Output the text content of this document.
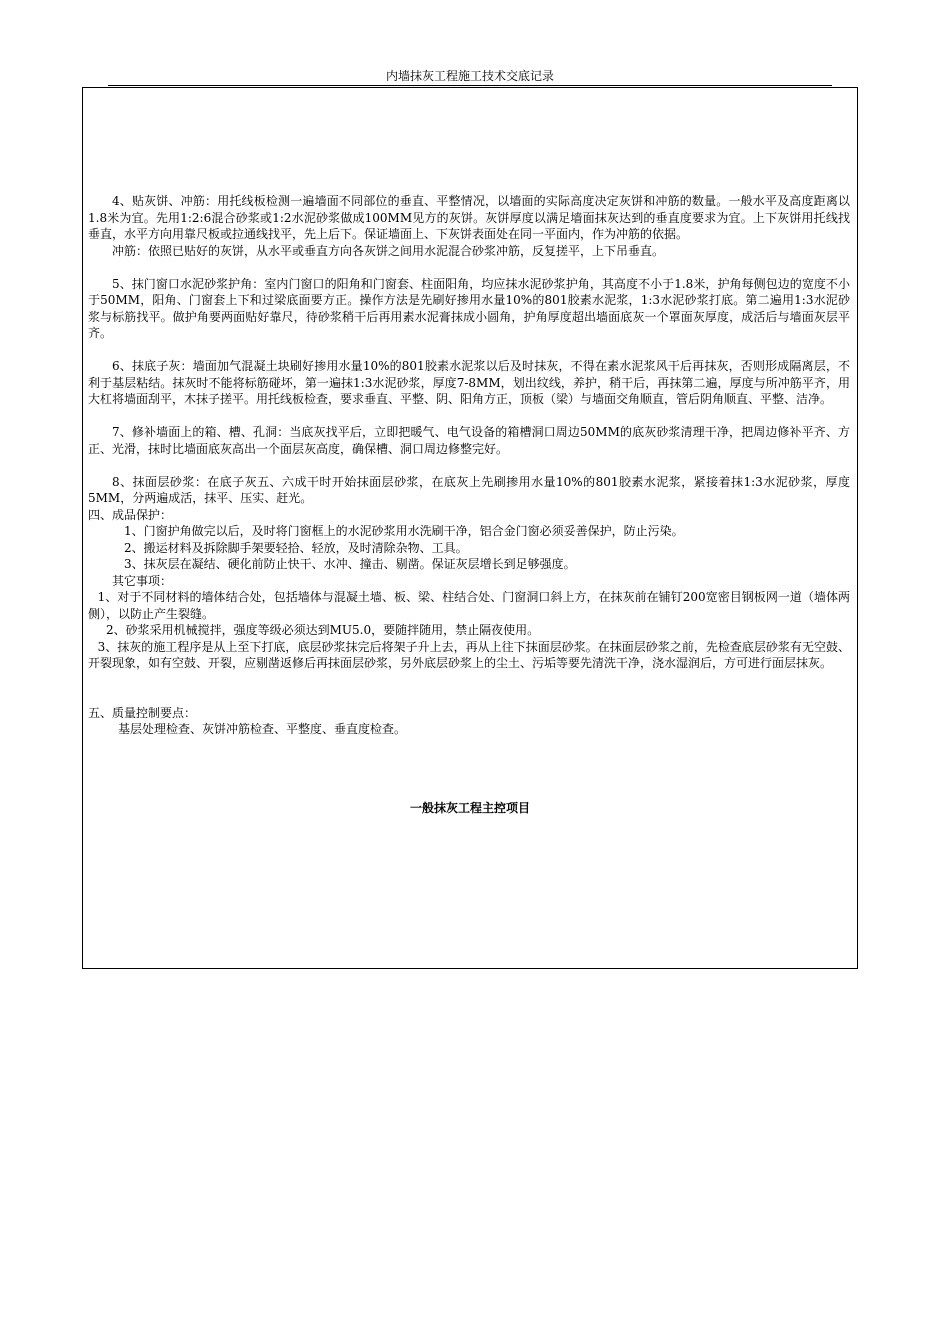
内墙抹灰工程施工技术交底记录

4、贴灰饼、冲筋：用托线板检测一遍墙面不同部位的垂直、平整情况，以墙面的实际高度决定灰饼和冲筋的数量。一般水平及高度距离以1.8米为宜。先用1:2:6混合砂浆或1:2水泥砂浆做成100MM见方的灰饼。灰饼厚度以满足墙面抹灰达到的垂直度要求为宜。上下灰饼用托线找垂直，水平方向用靠尺板或拉通线找平，先上后下。保证墙面上、下灰饼表面处在同一平面内，作为冲筋的依据。

冲筋：依照已贴好的灰饼，从水平或垂直方向各灰饼之间用水泥混合砂浆冲筋，反复搓平，上下吊垂直。

5、抹门窗口水泥砂浆护角：室内门窗口的阳角和门窗套、柱面阳角，均应抹水泥砂浆护角，其高度不小于1.8米，护角每侧包边的宽度不小于50MM，阳角、门窗套上下和过梁底面要方正。操作方法是先刷好掺用水量10%的801胶素水泥浆，1:3水泥砂浆打底。第二遍用1:3水泥砂浆与标筋找平。做护角要两面贴好靠尺，待砂浆稍干后再用素水泥膏抹成小圆角，护角厚度超出墙面底灰一个罩面灰厚度，成活后与墙面灰层平齐。

6、抹底子灰：墙面加气混凝土块刷好掺用水量10%的801胶素水泥浆以后及时抹灰，不得在素水泥浆风干后再抹灰，否则形成隔离层，不利于基层粘结。抹灰时不能将标筋碰坏，第一遍抹1:3水泥砂浆，厚度7-8MM，划出纹线，养护，稍干后，再抹第二遍，厚度与所冲筋平齐，用大杠将墙面刮平，木抹子搓平。用托线板检查，要求垂直、平整、阴、阳角方正，顶板（梁）与墙面交角顺直，管后阴角顺直、平整、洁净。

7、修补墙面上的箱、槽、孔洞：当底灰找平后，立即把暖气、电气设备的箱槽洞口周边50MM的底灰砂浆清理干净，把周边修补平齐、方正、光滑，抹时比墙面底灰高出一个面层灰高度，确保槽、洞口周边修整完好。

8、抹面层砂浆：在底子灰五、六成干时开始抹面层砂浆，在底灰上先刷掺用水量10%的801胶素水泥浆，紧接着抹1:3水泥砂浆，厚度5MM，分两遍成活，抹平、压实、赶光。

四、成品保护：

1、门窗护角做完以后，及时将门窗框上的水泥砂浆用水洗刷干净，铝合金门窗必须妥善保护，防止污染。

2、搬运材料及拆除脚手架要轻拾、轻放，及时清除杂物、工具。

3、抹灰层在凝结、硬化前防止快干、水冲、撞击、剔凿。保证灰层增长到足够强度。

其它事项：

1、对于不同材料的墙体结合处，包括墙体与混凝土墙、板、梁、柱结合处、门窗洞口斜上方，在抹灰前在铺钉200宽密目钢板网一道（墙体两侧），以防止产生裂缝。

2、砂浆采用机械搅拌，强度等级必须达到MU5.0，要随拌随用，禁止隔夜使用。

3、抹灰的施工程序是从上至下打底，底层砂浆抹完后将架子升上去，再从上往下抹面层砂浆。在抹面层砂浆之前，先检查底层砂浆有无空鼓、开裂现象，如有空鼓、开裂，应剔凿返修后再抹面层砂浆，另外底层砂浆上的尘土、污垢等要先清洗干净，浇水湿润后，方可进行面层抹灰。

五、质量控制要点：

基层处理检查、灰饼冲筋检查、平整度、垂直度检查。

一般抹灰工程主控项目
